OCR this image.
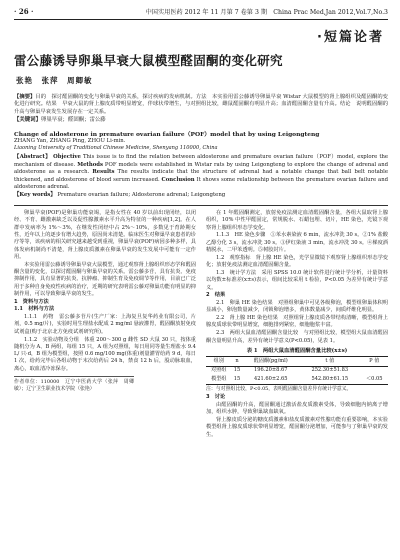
· 26 ·	中国实用医药 2012 年 11 月第 7 卷第 3 期　China Prac Med,Jan 2012,Vol.7,No.3
·短篇论著
雷公藤诱导卵巢早衰大鼠模型醛固酮的变化研究
张艳　张萍　周卿敏
【摘要】目的　探讨醛固酮的变化与卵巢早衰的关系，探讨疾病的发病机制。方法　本实验用雷公藤诱导卵巢早衰 Wistar 大鼠模型的肾上腺组织及醛固酮的变化进行研究。结果　早衰大鼠的肾上腺皮质带明显增宽，伴球状带增生，与对照组比较，雌鼠醛固酮有明显升高；血清醛固酮含量有升高。结论　说明醛固酮的升高与卵巢早衰发生发展存在一定关系。
【关键词】卵巢早衰；醛固酮；雷公藤
Change of aldosterone in premature ovarian failure（POF）model that by using Leigongteng
ZHANG Yan, ZHANG Ping, ZHOU Li-min.
Liaoning University of Traditional Chinese Medicine, Shenyang 110000, China
【Abstract】 Objective This issue is to find the relation between aldosterone and premature ovarian failure（POF）model, explore the mechanism of disease. Methods POF models were established in Wistar rats by using Leigongteng to explore the change of adrenal and aldosterone as a research. Results The results indicate that the structure of adrenal had a notable change that ball belt notable thickened, and aldosterone of blood serum increased. Conclusion It shows some relationship between the premature ovarian failure and aldosterone adrenal.
【Key words】 Premature ovarian failure; Aldosterone adrenal; Leigongteng

卵巢早衰(POF)是卵巢功能衰竭，是指女性在 40 岁以前出现闭经，以闭经、不育、雌激素缺乏以及促性腺激素水平升高为特征的一种疾病[1,2]。在人群中发病率为 1%～3%，在继发性闭经中占 2%～10%，多数见于育龄期女性，近年以上的逐步有增大趋势，原因尚未清楚。临床医生对卵巢早衰患者的诊疗等等，该疾病的相关研究越来越受到重视，卵巢早衰(POF)病因多种多样，具体发病机制尚不清楚，肾上腺皮质激素在卵巢早衰的发生发展中可能有一定作用。

本实验用雷公藤诱导卵巢早衰大鼠模型，通过观察肾上腺组织形态学和醛固酮含量的变化，以探讨醛固酮与卵巢早衰的关系。雷公藤多苷，具有抗炎、免疫抑制作用，具有显著的抗炎、抗肿瘤、抑制生育及免疫调节等作用，目前已广泛用于多种自身免疫性疾病的治疗，近期的研究表明雷公藤对卵巢功能有明显的抑制作用，可以导致卵巢早衰的发生。

1　资料与方法

1.1　材料与方法

1.1.1　药物　雷公藤多苷片(生产厂家：上海复旦复华药业有限公司，片剂，0.5 mg/片)，实验时用生理盐水配成 2 mg/ml 悬液灌胃，醛固酮放射免疫试剂盒(购于北京北方免疫试剂研究所)。

1.1.2　实验动物及分组　体重 200～300 g 雌性 SD 大鼠 30 只，按体重随机分为 A、B 两组，每组 15 只，A 组为对照组，每日用同等量生理盐水 9.4 L/ 只·d，B 组为模型组，按照 0.6 mg/100 mg(体重)剂量灌胃给药 9 d，每日 1 次，给药完毕后各组动物于末次给药后 24 h，禁食 12 h 后，股动脉取血，离心，取血清冷冻保存。

作者单位：110000　辽宁中医药大学（张萍　周卿敏）；辽宁卫生职业技术学院（张艳）

在 1 年醛固酮测定，放射免疫法测定血清醛固酮含量，各组大鼠取肾上腺组织，10% 中性甲醛固定，常规脱水、石蜡包埋、切片，HE 染色，光镜下观察肾上腺组织形态学变化。

1.1.3　HE 染色步骤　①苯水素染液 6 min，流水冲洗 30 s。②1% 盐酸乙醇分化 3 s，流水冲洗 30 s。③伊红染液 3 min，流水冲洗 30 s。④梯度酒精脱水，二甲苯透明。⑤树胶封片。

1.2　观察指标　肾上腺 HE 染色，光学显微镜下观察肾上腺组织形态学变化；放射免疫法测定血清醛固酮含量。

1.3　统计学方法　采用 SPSS 10.0 统计软件进行统计学分析，计量资料以均数±标准差(x±s)表示，组间比较采用 t 检验，P<0.05 为差异有统计学意义。

2　结果

2.1　卵巢 HE 染色结果　对照组卵巢中可见各级卵泡，模型组卵巢体积明显减小，卵泡数量减少，闭锁卵泡增多，黄体数量减少，间质纤维化明显。

2.2　肾上腺 HE 染色结果　对照组肾上腺皮质各带结构清晰，模型组肾上腺皮质球状带明显增宽，细胞排列紧密，细胞胞浆丰富。

2.3　两组大鼠血清醛固酮含量比较　与对照组比较，模型组大鼠血清醛固酮含量明显升高，差异有统计学意义(P<0.05)，见表 1。

表 1　两组大鼠血清醛固酮含量比较(x±s)
组别	n	醛固酮(pg/ml)	t 值	P 值
对照组	15	196.20±8.67	252.30±51.83	
模型组	15	421.60±2.65	542.80±61.15	＜0.05
注：与对照组比较，P<0.05，表明醛固酮含量差异有统计学意义。

3　讨论

由醛固酮的升高，醛固酮通过激活盐皮质激素受体，导致细胞内钠离子增加，组织水肿，导致卵巢缺血缺氧。

肾上腺皮质分泌的糖皮质激素和盐皮质激素对性腺功能有重要影响，本实验模型组肾上腺皮质球状带明显增宽，醛固酮分泌增加，可能参与了卵巢早衰的发生。
